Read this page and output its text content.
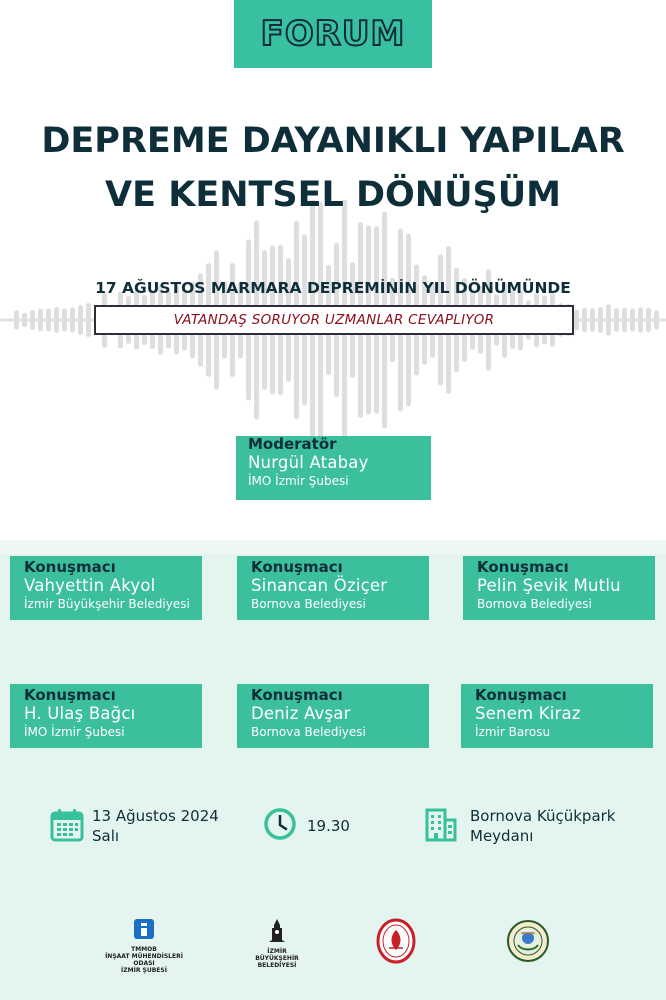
FORUM
DEPREME DAYANIKLI YAPILAR
VE KENTSEL DÖNÜŞÜM
17 AĞUSTOS MARMARA DEPREMİNİN YIL DÖNÜMÜNDE
VATANDAŞ SORUYOR UZMANLAR CEVAPLIYOR
Moderatör
Nurgül Atabay
İMO İzmir Şubesi
Konuşmacı
Vahyettin Akyol
İzmir Büyükşehir Belediyesi
Konuşmacı
Sinancan Öziçer
Bornova Belediyesi
Konuşmacı
Pelin Şevik Mutlu
Bornova Belediyesi
Konuşmacı
H. Ulaş Bağcı
İMO İzmir Şubesi
Konuşmacı
Deniz Avşar
Bornova Belediyesi
Konuşmacı
Senem Kiraz
İzmir Barosu
13 Ağustos 2024
Salı
19.30
Bornova Küçükpark
Meydanı
TMMOB
İNŞAAT MÜHENDİSLERİ ODASI
İZMİR ŞUBESİ
İZMİR
BÜYÜKŞEHİR
BELEDİYESİ
